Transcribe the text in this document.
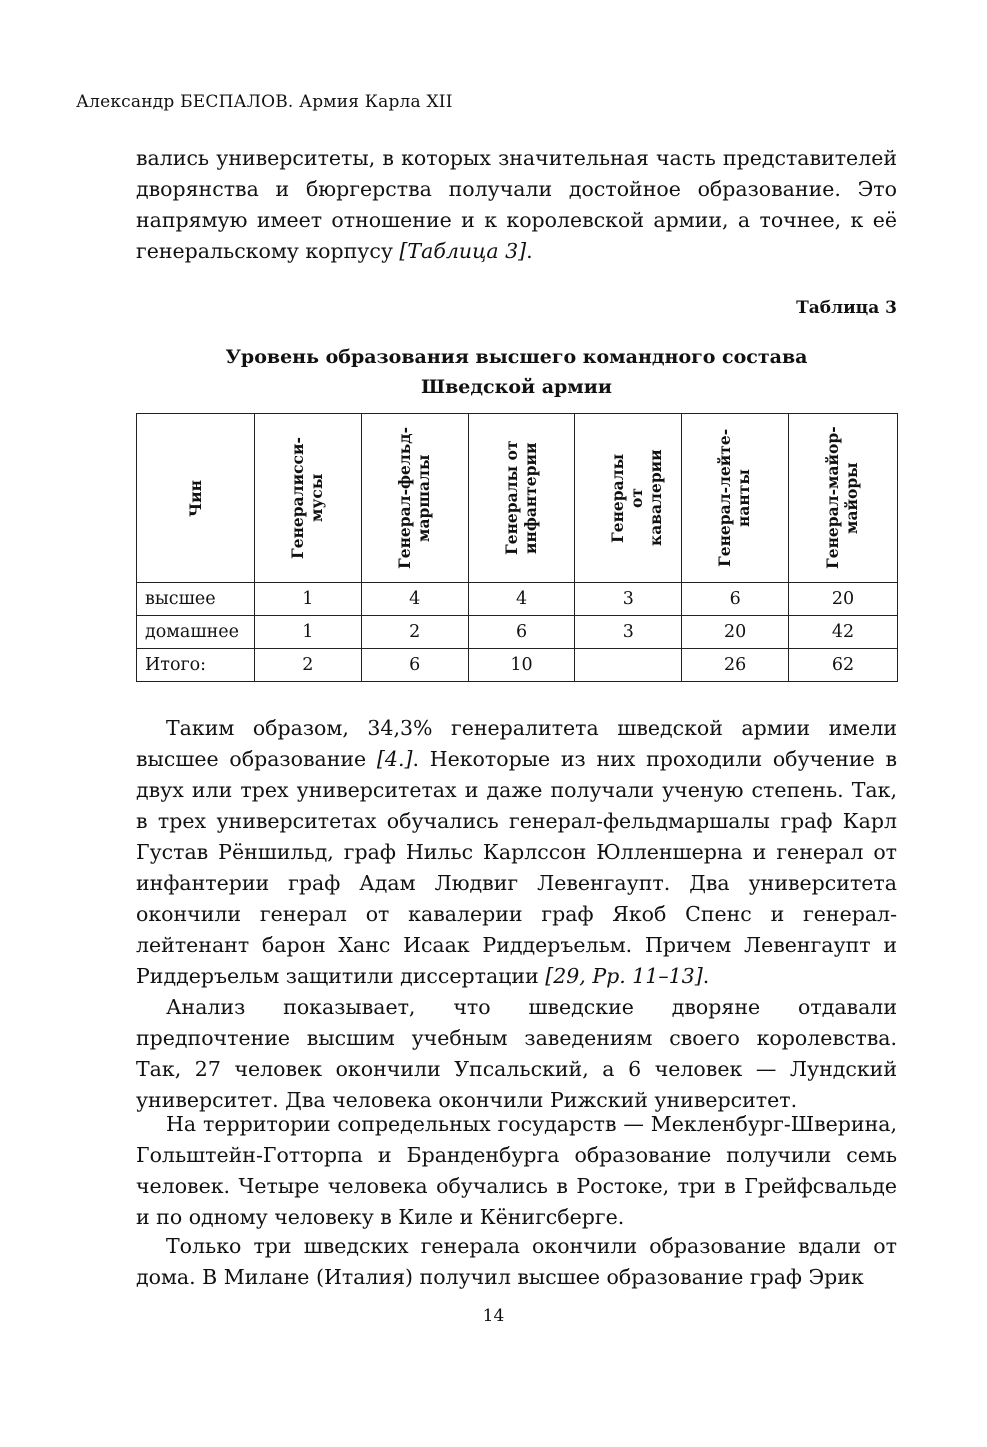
Александр БЕСПАЛОВ. Армия Карла XII

вались университеты, в которых значительная часть представителей дворянства и бюргерства получали достойное образование. Это напрямую имеет отношение и к королевской армии, а точнее, к её генеральскому корпусу [Таблица 3].

Таблица 3
Уровень образования высшего командного состава
Шведской армии
Чин	Генералисси-мусы	Генерал-фельд-маршалы	Генералы от инфантерии	Генералы от кавалерии	Генерал-лейте-нанты	Генерал-майор-майоры

высшее	1	4	4	3	6	20
домашнее	1	2	6	3	20	42
Итого:	2	6	10		26	62

Таким образом, 34,3% генералитета шведской армии имели высшее образование [4.]. Некоторые из них проходили обучение в двух или трех университетах и даже получали ученую степень. Так, в трех университетах обучались генерал-фельдмаршалы граф Карл Густав Рёншильд, граф Нильс Карлссон Юлленшерна и генерал от инфантерии граф Адам Людвиг Левенгаупт. Два университета окончили генерал от кавалерии граф Якоб Спенс и генерал-лейтенант барон Ханс Исаак Риддеръельм. Причем Левенгаупт и Риддеръельм защитили диссертации [29, Pp. 11–13].

Анализ показывает, что шведские дворяне отдавали предпочтение высшим учебным заведениям своего королевства. Так, 27 человек окончили Упсальский, а 6 человек — Лундский университет. Два человека окончили Рижский университет.

На территории сопредельных государств — Мекленбург-Шверина, Гольштейн-Готторпа и Бранденбурга образование получили семь человек. Четыре человека обучались в Ростоке, три в Грейфсвальде и по одному человеку в Киле и Кёнигсберге.

Только три шведских генерала окончили образование вдали от дома. В Милане (Италия) получил высшее образование граф Эрик

14
